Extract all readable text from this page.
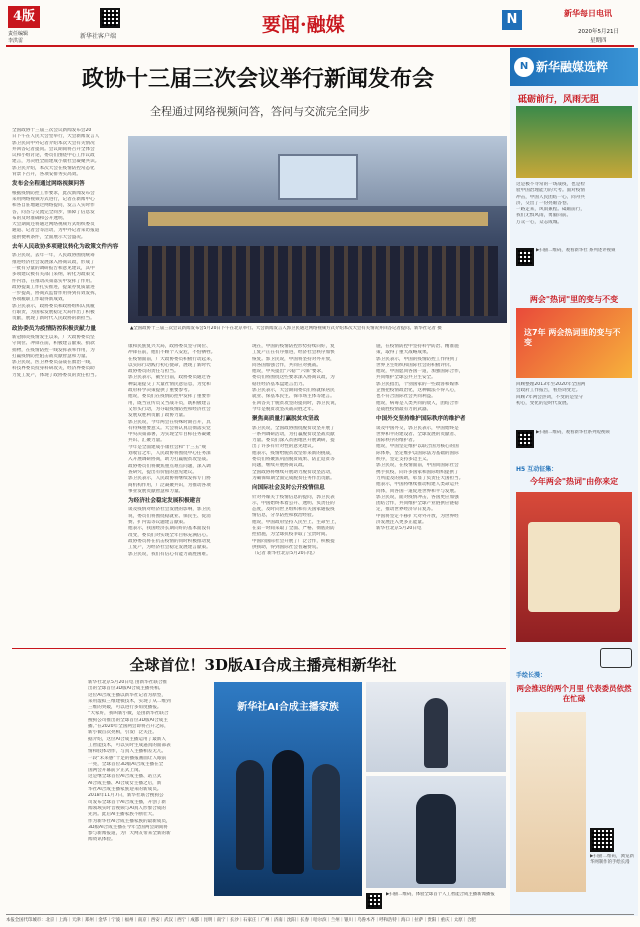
4版
责任编辑
李洪雷
新华社客户端
要闻·融媒	N	新华每日电讯
2020年5月21日
星期四
政协十三届三次会议举行新闻发布会
全程通过网络视频问答，答问与交流完全同步
全国政协十三届三次会议新闻发布会20
日下午在人民大会堂举行，大会新闻发言人
郭卫民向中外记者介绍本次大会有关情况
并回答记者提问。会议期间将召开全体会
议和小组讨论，委员们围绕中心工作议政
建言，为决胜全面建成小康社会凝聚共识。
郭卫民介绍，本次大会在疫情防控常态化
背景下召开，各项安排务实高效。
发布会全程通过网络视频问答
根据疫情防控工作要求，此次新闻发布会
采用网络视频方式进行，记者在新闻中心
和各自驻地通过网络提问，发言人实时作
答，问答与交流完全同步，保障了信息发
布的及时准确和公开透明。
大会期间还将通过网络视频方式组织委员
通道、记者会等活动，为中外记者采访报道
提供便利条件，全面展示大会盛况。
去年人民政协多项建议转化为政策文件内容
郭卫民说，去年一年，人民政协围绕统筹
推进经济社会发展深入协商议政，形成了
一批有分量的调研报告和意见建议，其中
多项建议被有关部门采纳，转化为政策文
件内容，在推动决策落实中发挥了作用。
政协提案工作扎实推进，提案办复质量进
一步提高，协商式监督作用得到有效发挥，
各项履职工作取得新成效。
郭卫民表示，政协委员和政协组织认真履
行职责，为国家发展稳定大局作出了积极
贡献，展现了新时代人民政协的新担当。
政协委员为疫情防控积极贡献力量
新冠肺炎疫情发生以来，广大政协委员坚
守岗位、冲锋在前，积极建言献策、捐款
捐物，在疫情防控一线发挥表率作用，为
打赢疫情防控阻击战贡献智慧和力量。
郭卫民说，医卫界委员奋战在救治一线，
科技界委员投身科研攻关，经济界委员助
力复工复产，体现了政协委员的责任担当。
▲全国政协十三届三次会议新闻发布会5月20日下午在北京举行。大会新闻发言人郭卫民通过网络视频方式介绍本次大会有关情况并回答记者提问。新华社记者 摄
康和民族复兴大局，政协委员坚守岗位、
冲锋在前，他们不顾个人安危，不怕牺牲。
在疫情面前，广大政协委员积极行动起来，
以实际行动践行初心使命，展现了新时代
政协委员的责任与担当。
郭卫民表示，截至目前，政协委员通过各
种渠道提交了大量社情民意信息，为党和
政府科学决策提供了重要参考。
他说，委员们在疫情防控中发挥了重要作
用，既当宣传员又当战斗员，既积极建言
又带头行动，为夺取疫情防控和经济社会
发展双胜利贡献了政协力量。
郭卫民说，今年两会在特殊时期召开，具
有特殊重要意义。大会将认真贯彻落实党
中央决策部署，为实现全年目标任务凝聚
共识、汇聚力量。
今年是全面建成小康社会和“十三五”规
划收官之年，人民政协将围绕中心任务深
入开展调研协商，助力打赢脱贫攻坚战。
政协委员们将聚焦重点难点问题，深入调
查研究，提出有价值的意见建议。
郭卫民表示，人民政协将继续发挥专门协
商机构作用，广泛凝聚共识，为推动各项
事业发展贡献智慧和力量。
为经济社会稳定发展积极建言
谈及疫情对经济社会发展的影响，郭卫民
说，委员们将围绕稳就业、保民生、促消
费、扩内需等议题建言献策。
他表示，我国经济长期向好的基本面没有
改变，委员们对实现全年目标充满信心。
政协委员将在抗击疫情的同时积极推动复
工复产，为经济社会稳定发展建言献策。
郭卫民说，我们有信心有能力战胜困难。
现在，中国的疫情防控形势持续向好，复
工复产正在有序推进，经济社会秩序加快
恢复。郭卫民说，中国将坚持对外开放，
同各国加强合作，共同应对挑战。
他说，中央提出“六稳”“六保”要求，
委员们将围绕这些要求深入协商议政，为
稳住经济基本盘建言出力。
郭卫民表示，大会期间委员们将就保居民
就业、保基本民生、保市场主体等建言。
在回答关于脱贫攻坚的提问时，郭卫民说，
今年是脱贫攻坚决战决胜之年。
聚焦高质量打赢脱贫攻坚战
郭卫民说，全国政协围绕脱贫攻坚开展了
一系列调研活动，为打赢脱贫攻坚战贡献
力量。委员们深入贫困地区开展调研，提
出了许多有针对性的意见建议。
他表示，疫情给脱贫攻坚带来新的挑战，
委员们将聚焦巩固脱贫成果、防止返贫等
问题，继续开展协商议政。
全国政协将继续开展助力脱贫攻坚活动，
为确保如期全面完成脱贫任务作出贡献。
向国际社会及时公开疫情信息
针对外媒关于疫情信息的提问，郭卫民表
示，中国始终本着公开、透明、负责任的
态度，及时向世卫组织和有关国家通报疫
情信息，分享防控和救治经验。
他说，中国政府坚持人民至上、生命至上，
在第一时间采取了全面、严格、彻底的防
控措施，为全球抗疫争取了宝贵时间。
中国同国际社会开展了广泛合作，积极提
供援助，得到国际社会普遍赞赏。
（记者 新华社北京5月20日电）
施，在疫情防控中坚持科学防治、精准施
策，取得了重大战略成果。
郭卫民表示，中国的疫情防控工作得到了
世界卫生组织和国际社会的积极评价。
他说，中国愿同各国一道，加强国际合作，
共同维护全球公共卫生安全。
郭卫民指出，个别国家的一些政客和媒体
企图把疫情政治化，这种做法不得人心，
也不符合国际社会共同利益。
他说，病毒是人类共同的敌人，团结合作
是战胜疫情最有力的武器。
中国外交坚持维护国际秩序的维护者
谈及中国外交，郭卫民表示，中国始终是
世界和平的建设者、全球发展的贡献者、
国际秩序的维护者。
他说，中国坚定维护以联合国为核心的国
际体系，坚定维护以国际法为基础的国际
秩序，坚定支持多边主义。
郭卫民说，在疫情面前，中国同国际社会
携手抗疫，向许多国家和国际组织提供了
力所能及的援助，彰显了负责任大国担当。
他表示，中国将继续推动构建人类命运共
同体，同各国一道促进世界和平与发展。
郭卫民说，面对疫情冲击，各国更应加强
团结合作，共同维护全球产业链供应链稳
定，推动世界经济早日复苏。
中国将坚定不移扩大对外开放，为世界经
济发展注入更多正能量。
新华社北京5月20日电
全球首位！3D版AI合成主播亮相新华社
新华社北京5月20日电 由新华社联合推
出的全球首位3D版AI合成主播亮相。
这位AI合成主播以新华社记者为原型，
采用虚拟三维建模技术，实现了从二维到
三维的突破，可以进行多角度播报。
“大家好，我叫新小微，是由新华社联合
搜狗公司推出的全球首位3D版AI合成主
播。”在2020年全国两会即将召开之际，
新小微首次亮相，引发广泛关注。
据介绍，这位AI合成主播运用了最新人
工智能技术，可以实时生成逼真的面部表
情和肢体动作，与真人主播相差无几。
一段“未来感”十足的播报画面让人眼前
一亮，全球首位3D版AI合成主播在全
国两会开幕前夕正式上岗。
这是继全球首位AI合成主播、站立式
AI合成主播、AI合成女主播之后，新
华社AI合成主播家族迎来的新成员。
2018年11月7日，新华社联合搜狗公
司发布全球首个AI合成主播，开创了新
闻领域实时音视频与AI真人形象合成的
先河。此后AI主播家族不断壮大。
作为新华社AI合成主播家族的最新成员，
3D版AI合成主播在今年全国两会期间将
参与新闻报道，为广大网友带来全新的新
闻资讯体验。
新华社AI合成主播家族
▶扫描二维码，体验全球首个人工智能合成主播新闻播报
N 新华融媒选粹
砥砺前行，风雨无阻
这是极不寻常的一场战疫，也是检
验中国治理能力的大考。面对疫情
冲击，中国人民团结一心、同舟共
济，交出了一份亮眼答卷。
一路走来，风雨兼程。砥砺前行，
我们无惧风雨，勇毅向前。
万众一心，众志成城。
▶扫描二维码，观看新华社 系列述评视频
两会"热词"里的变与不变
这7年 两会热词里的变与不变
回顾整理2013年至2020年全国两
会政府工作报告，看热词变迁。
回顾7年两会热词，不变的是坚守
初心，变化的是时代发展。
▶扫描二维码，观看新华社系列短视频
H5 互动征集：
今年两会"热词"由你来定
手绘长漫：
两会推迟的两个月里 代表委员依然在忙碌
▶扫描二维码，浏览新华网制作的手绘长漫
本报全国代印城市：北京｜上海｜天津｜郑州｜金华｜宁波｜福州｜南京｜西安｜武汉｜西宁｜成都｜昆明｜南宁｜长沙｜石家庄｜广州｜济南｜沈阳｜长春｜哈尔滨｜兰州｜银川｜乌鲁木齐｜呼和浩特｜海口｜拉萨｜贵阳｜重庆｜太原｜合肥
